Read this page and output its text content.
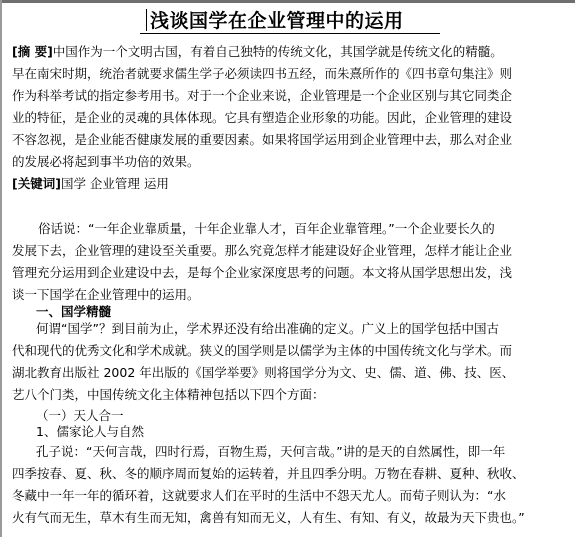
浅谈国学在企业管理中的运用
[摘 要]中国作为一个文明古国，有着自己独特的传统文化，其国学就是传统文化的精髓。
早在南宋时期，统治者就要求儒生学子必须读四书五经，而朱熹所作的《四书章句集注》则
作为科举考试的指定参考用书。对于一个企业来说，企业管理是一个企业区别与其它同类企
业的特征，是企业的灵魂的具体体现。它具有塑造企业形象的功能。因此，企业管理的建设
不容忽视，是企业能否健康发展的重要因素。如果将国学运用到企业管理中去，那么对企业
的发展必将起到事半功倍的效果。
[关键词]国学 企业管理 运用
俗话说：“一年企业靠质量，十年企业靠人才，百年企业靠管理。”一个企业要长久的
发展下去，企业管理的建设至关重要。那么究竟怎样才能建设好企业管理，怎样才能让企业
管理充分运用到企业建设中去，是每个企业家深度思考的问题。本文将从国学思想出发，浅
谈一下国学在企业管理中的运用。
一、国学精髓
何谓“国学”？到目前为止，学术界还没有给出准确的定义。广义上的国学包括中国古
代和现代的优秀文化和学术成就。狭义的国学则是以儒学为主体的中国传统文化与学术。而
湖北教育出版社 2002 年出版的《国学举要》则将国学分为文、史、儒、道、佛、技、医、
艺八个门类，中国传统文化主体精神包括以下四个方面：
（一）天人合一
1、儒家论人与自然
孔子说：“天何言哉，四时行焉，百物生焉，天何言哉。”讲的是天的自然属性，即一年
四季按春、夏、秋、冬的顺序周而复始的运转着，并且四季分明。万物在春耕、夏种、秋收、
冬藏中一年一年的循环着，这就要求人们在平时的生活中不怨天尤人。而荀子则认为：“水
火有气而无生，草木有生而无知，禽兽有知而无义，人有生、有知、有义，故最为天下贵也。”
